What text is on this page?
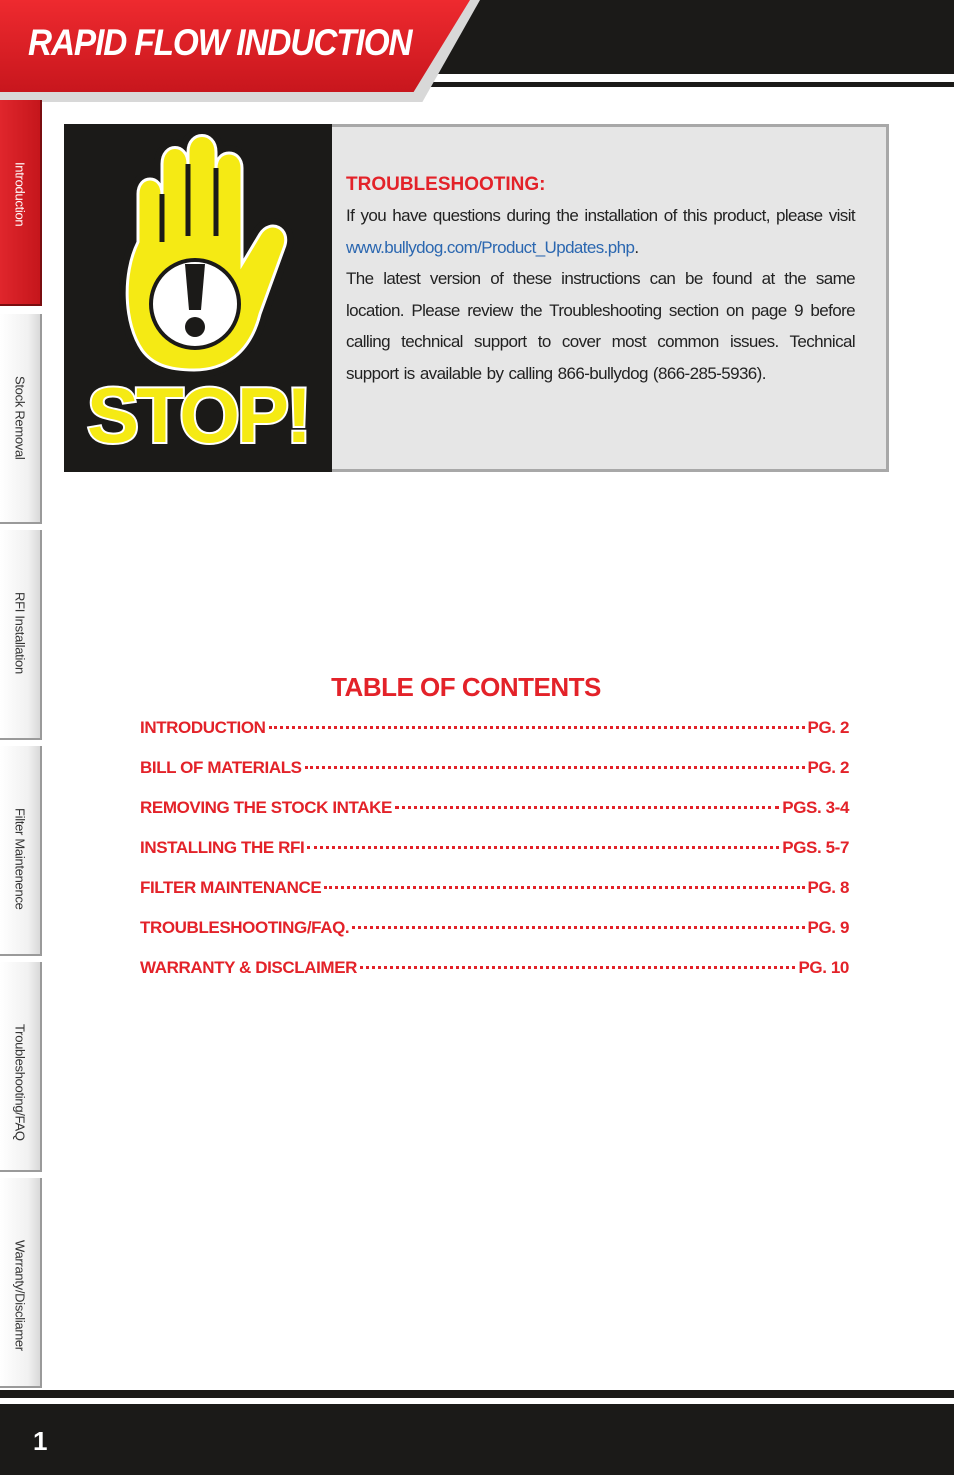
RAPID FLOW INDUCTION
Introduction
Stock Removal
RFI Installation
Filter Maintenence
Troubleshooting/FAQ
Warranty/Discliamer
STOP!
TROUBLESHOOTING:
If you have questions during the installation of this product, please visit www.bullydog.com/Product_Updates.php.
The latest version of these instructions can be found at the same location. Please review the Troubleshooting section on page 9 before calling technical support to cover most common issues. Technical support is available by calling 866-bullydog (866-285-5936).
TABLE OF CONTENTS
INTRODUCTION	PG. 2
BILL OF MATERIALS	PG. 2
REMOVING THE STOCK INTAKE	PGS. 3-4
INSTALLING THE RFI	PGS. 5-7
FILTER MAINTENANCE	PG. 8
TROUBLESHOOTING/FAQ.	PG. 9
WARRANTY & DISCLAIMER	PG. 10
1
